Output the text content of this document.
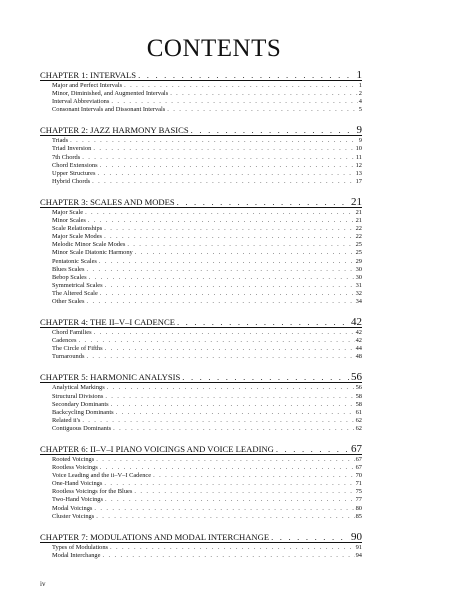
CONTENTS
CHAPTER 1: INTERVALS . . .	1
Major and Perfect Intervals . . .	1
Minor, Diminished, and Augmented Intervals . . .	2
Interval Abbreviations . . .	4
Consonant Intervals and Dissonant Intervals . . .	5
CHAPTER 2: JAZZ HARMONY BASICS . . .	9
Triads . . .	9
Triad Inversion . . .	10
7th Chords . . .	11
Chord Extensions . . .	12
Upper Structures . . .	13
Hybrid Chords . . .	17
CHAPTER 3: SCALES AND MODES . . .	21
Major Scale . . .	21
Minor Scales . . .	21
Scale Relationships . . .	22
Major Scale Modes . . .	22
Melodic Minor Scale Modes . . .	25
Minor Scale Diatonic Harmony . . .	25
Pentatonic Scales . . .	29
Blues Scales . . .	30
Bebop Scales . . .	30
Symmetrical Scales . . .	31
The Altered Scale . . .	32
Other Scales . . .	34
CHAPTER 4: THE II–V–I CADENCE . . .	42
Chord Families . . .	42
Cadences . . .	42
The Circle of Fifths . . .	44
Turnarounds . . .	48
CHAPTER 5: HARMONIC ANALYSIS . . .	56
Analytical Markings . . .	56
Structural Divisions . . .	58
Secondary Dominants . . .	58
Backcycling Dominants . . .	61
Related ii's . . .	62
Contiguous Dominants . . .	62
CHAPTER 6: II–V–I PIANO VOICINGS AND VOICE LEADING . . .	67
Rooted Voicings . . .	67
Rootless Voicings . . .	67
Voice Leading and the ii–V–I Cadence . . .	70
One-Hand Voicings . . .	71
Rootless Voicings for the Blues . . .	75
Two-Hand Voicings . . .	77
Modal Voicings . . .	80
Cluster Voicings . . .	85
CHAPTER 7: MODULATIONS AND MODAL INTERCHANGE . . .	90
Types of Modulations . . .	91
Modal Interchange . . .	94
iv
